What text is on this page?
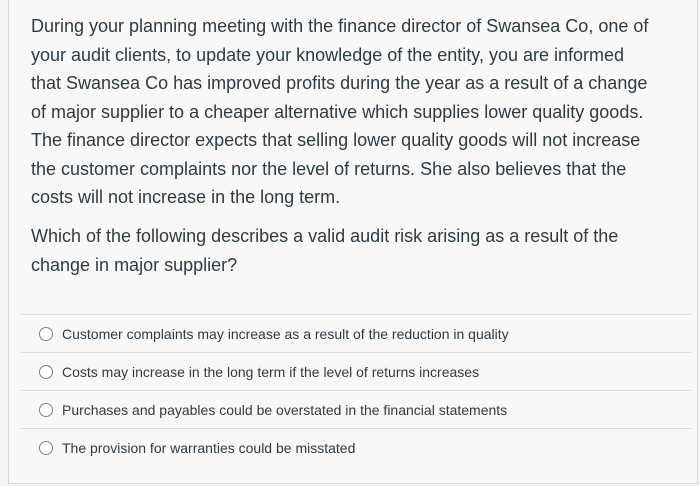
During your planning meeting with the finance director of Swansea Co, one of
your audit clients, to update your knowledge of the entity, you are informed
that Swansea Co has improved profits during the year as a result of a change
of major supplier to a cheaper alternative which supplies lower quality goods.
The finance director expects that selling lower quality goods will not increase
the customer complaints nor the level of returns. She also believes that the
costs will not increase in the long term.
Which of the following describes a valid audit risk arising as a result of the
change in major supplier?
Customer complaints may increase as a result of the reduction in quality
Costs may increase in the long term if the level of returns increases
Purchases and payables could be overstated in the financial statements
The provision for warranties could be misstated
